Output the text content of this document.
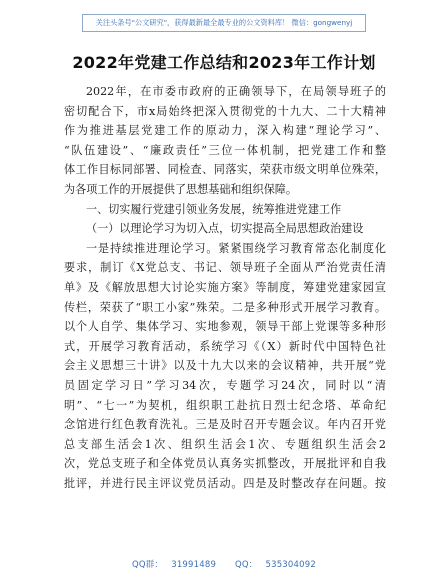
关注头条号"公文研究"，获得最新最全最专业的公文资料库！ 微信：gongwenyj
2022年党建工作总结和2023年工作计划
2022年，在市委市政府的正确领导下，在局领导班子的
密切配合下，市x局始终把深入贯彻党的十九大、二十大精神
作为推进基层党建工作的原动力，深入构建“理论学习”、
“队伍建设”、“廉政责任”三位一体机制，把党建工作和整
体工作目标同部署、同检查、同落实，荣获市级文明单位殊荣，
为各项工作的开展提供了思想基础和组织保障。
一、切实履行党建引领业务发展，统筹推进党建工作
（一）以理论学习为切入点，切实提高全局思想政治建设
一是持续推进理论学习。紧紧围绕学习教育常态化制度化
要求，制订《X党总支、书记、领导班子全面从严治党责任清
单》及《解放思想大讨论实施方案》等制度，筹建党建家园宣
传栏，荣获了“职工小家”殊荣。二是多种形式开展学习教育。
以个人自学、集体学习、实地参观，领导干部上党课等多种形
式，开展学习教育活动，系统学习《（X）新时代中国特色社
会主义思想三十讲》以及十九大以来的会议精神，共开展“党
员固定学习日”学习34次，专题学习24次，同时以“清
明”、“七一”为契机，组织职工赴抗日烈士纪念塔、革命纪
念馆进行红色教育洗礼。三是及时召开专题会议。年内召开党
总支部生活会1次、组织生活会1次、专题组织生活会2
次，党总支班子和全体党员认真务实抓整改，开展批评和自我
批评，并进行民主评议党员活动。四是及时整改存在问题。按
QQ群： 31991489 QQ： 535304092
